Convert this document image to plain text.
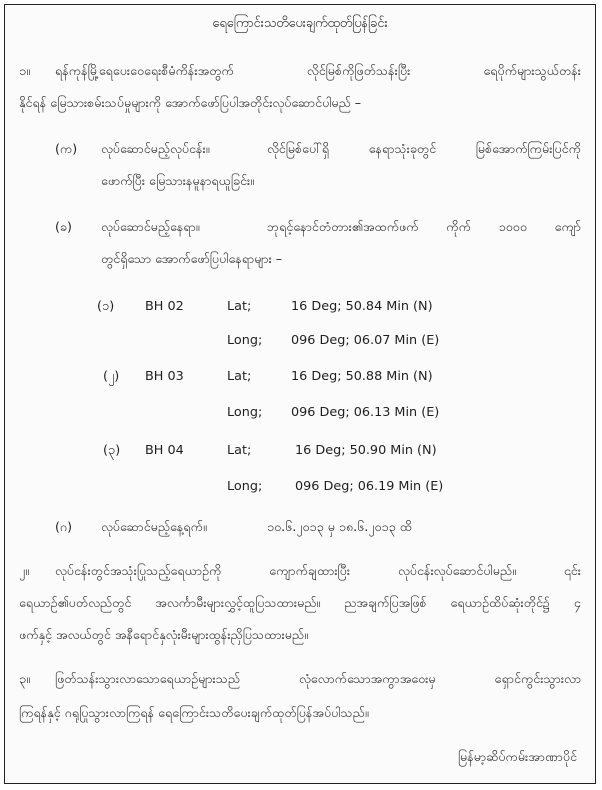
ရေကြောင်းသတိပေးချက်ထုတ်ပြန်ခြင်း
၁။ ရန်ကုန်မြို့ရေပေးဝေရေးစီမံကိန်းအတွက် လိုင်မြစ်ကိုဖြတ်သန်းပြီး ရေပိုက်များသွယ်တန်း
နိုင်ရန် မြေသားစမ်းသပ်မှုများကို အောက်ဖော်ပြပါအတိုင်းလုပ်ဆောင်ပါမည် –
(က) လုပ်ဆောင်မည့်လုပ်ငန်း။	လိုင်မြစ်ပေါ်ရှိ နေရာသုံးခုတွင် မြစ်အောက်ကြမ်းပြင်ကို
ဖောက်ပြီး မြေသားနမူနာရယူခြင်း။
(ခ) လုပ်ဆောင်မည့်နေရာ။	ဘုရင့်နောင်တံတား၏အထက်ဖက် ကိုက် ၁၀၀၀ ကျော်
တွင်ရှိသော အောက်ဖော်ပြပါနေရာများ –
(၁) BH 02	Lat;	16 Deg; 50.84 Min (N)
Long; 096 Deg; 06.07 Min (E)
(၂) BH 03	Lat;	16 Deg; 50.88 Min (N)
Long; 096 Deg; 06.13 Min (E)
(၃) BH 04	Lat;	16 Deg; 50.90 Min (N)
Long;	096 Deg; 06.19 Min (E)
(ဂ) လုပ်ဆောင်မည့်နေ့ရက်။	၁၀.၆.၂၀၁၃ မှ ၁၈.၆.၂၀၁၃ ထိ
၂။ လုပ်ငန်းတွင်အသုံးပြုသည့်ရေယာဉ်ကို ကျောက်ချထားပြီး လုပ်ငန်းလုပ်ဆောင်ပါမည်။ ၎င်း
ရေယာဉ်၏ပတ်လည်တွင် အလင်္ကာမီးများလွှင့်ထူပြသထားမည်။ ညအချက်ပြအဖြစ် ရေယာဉ်ထိပ်ဆုံးတိုင်၌ ၄
ဖက်နှင့် အလယ်တွင် အနီရောင်နှလုံးမီးများထွန်းညှိပြသထားမည်။
၃။ ဖြတ်သန်းသွားလာသောရေယာဉ်များသည် လုံလောက်သောအကွာအဝေးမှ ရှောင်ကွင်းသွားလာ
ကြရန်နှင့် ဂရုပြုသွားလာကြရန် ရေကြောင်းသတိပေးချက်ထုတ်ပြန်အပ်ပါသည်။
မြန်မာ့ဆိပ်ကမ်းအာဏာပိုင်
